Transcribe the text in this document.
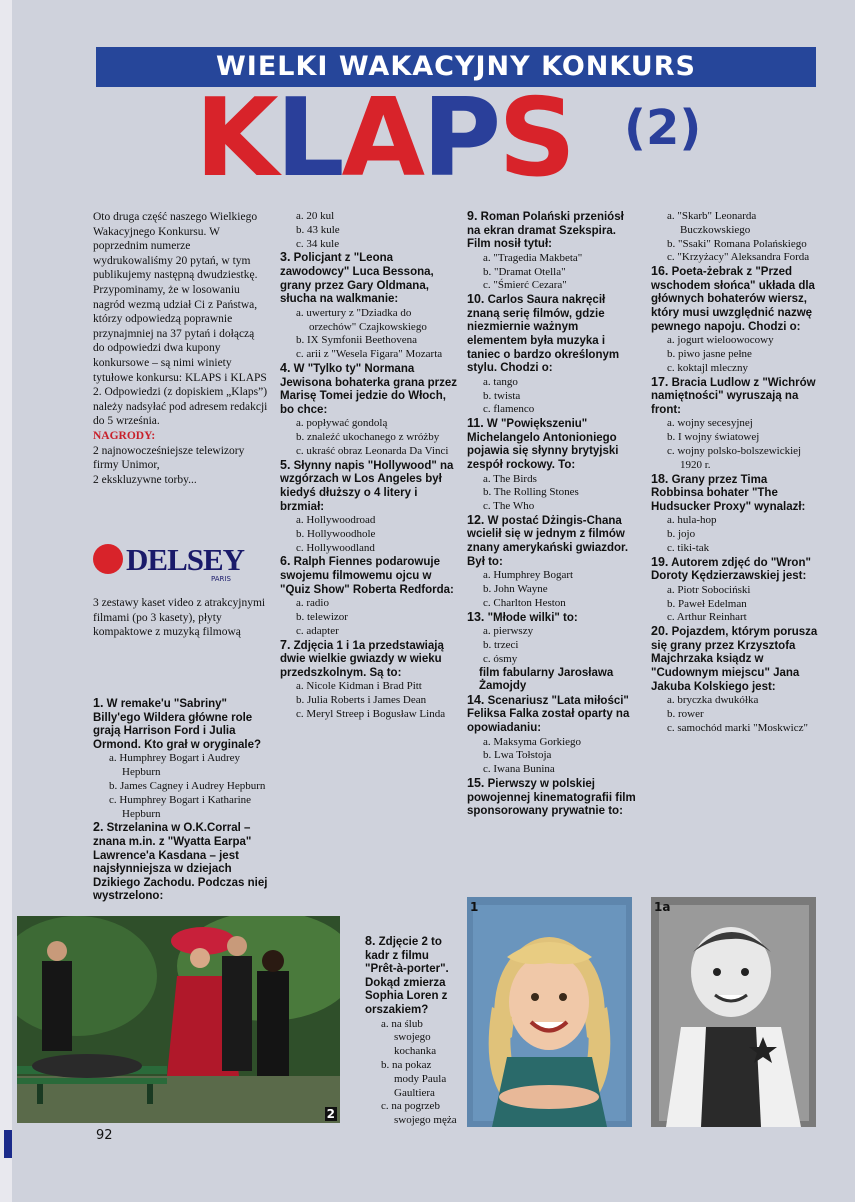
WIELKI WAKACYJNY KONKURS
KLAPS (2)

Oto druga część naszego Wielkiego Wakacyjnego Konkursu. W poprzednim numerze wydrukowaliśmy 20 pytań, w tym publikujemy następną dwudziestkę. Przypominamy, że w losowaniu nagród wezmą udział Ci z Państwa, którzy odpowiedzą poprawnie przynajmniej na 37 pytań i dołączą do odpowiedzi dwa kupony konkursowe – są nimi winiety tytułowe konkursu: KLAPS i KLAPS 2. Odpowiedzi (z dopiskiem „Klaps”) należy nadsyłać pod adresem redakcji do 5 września.

NAGRODY:

2 najnowocześniejsze telewizory firmy Unimor,

2 ekskluzywne torby...

DELSEY
PARIS

3 zestawy kaset video z atrakcyjnymi filmami (po 3 kasety), płyty kompaktowe z muzyką filmową

1. W remake'u "Sabriny" Billy'ego Wildera główne role grają Harrison Ford i Julia Ormond. Kto grał w oryginale?
a. Humphrey Bogart i Audrey Hepburn
b. James Cagney i Audrey Hepburn
c. Humphrey Bogart i Katharine Hepburn
2. Strzelanina w O.K.Corral – znana m.in. z "Wyatta Earpa" Lawrence'a Kasdana – jest najsłynniejsza w dziejach Dzikiego Zachodu. Podczas niej wystrzelono:
a. 20 kul
b. 43 kule
c. 34 kule
3. Policjant z "Leona zawodowcy" Luca Bessona, grany przez Gary Oldmana, słucha na walkmanie:
a. uwertury z "Dziadka do orzechów" Czajkowskiego
b. IX Symfonii Beethovena
c. arii z "Wesela Figara" Mozarta
4. W "Tylko ty" Normana Jewisona bohaterka grana przez Marisę Tomei jedzie do Włoch, bo chce:
a. popływać gondolą
b. znaleźć ukochanego z wróżby
c. ukraść obraz Leonarda Da Vinci
5. Słynny napis "Hollywood" na wzgórzach w Los Angeles był kiedyś dłuższy o 4 litery i brzmiał:
a. Hollywoodroad
b. Hollywoodhole
c. Hollywoodland
6. Ralph Fiennes podarowuje swojemu filmowemu ojcu w "Quiz Show" Roberta Redforda:
a. radio
b. telewizor
c. adapter
7. Zdjęcia 1 i 1a przedstawiają dwie wielkie gwiazdy w wieku przedszkolnym. Są to:
a. Nicole Kidman i Brad Pitt
b. Julia Roberts i James Dean
c. Meryl Streep i Bogusław Linda
8. Zdjęcie 2 to kadr z filmu "Prêt-à-porter". Dokąd zmierza Sophia Loren z orszakiem?
a. na ślub swojego kochanka
b. na pokaz mody Paula Gaultiera
c. na pogrzeb swojego męża
9. Roman Polański przeniósł na ekran dramat Szekspira. Film nosił tytuł:
a. "Tragedia Makbeta"
b. "Dramat Otella"
c. "Śmierć Cezara"
10. Carlos Saura nakręcił znaną serię filmów, gdzie niezmiernie ważnym elementem była muzyka i taniec o bardzo określonym stylu. Chodzi o:
a. tango
b. twista
c. flamenco
11. W "Powiększeniu" Michelangelo Antonioniego pojawia się słynny brytyjski zespół rockowy. To:
a. The Birds
b. The Rolling Stones
c. The Who
12. W postać Dżingis-Chana wcielił się w jednym z filmów znany amerykański gwiazdor. Był to:
a. Humphrey Bogart
b. John Wayne
c. Charlton Heston
13. "Młode wilki" to:
a. pierwszy
b. trzeci
c. ósmy
film fabularny Jarosława Żamojdy
14. Scenariusz "Lata miłości" Feliksa Falka został oparty na opowiadaniu:
a. Maksyma Gorkiego
b. Lwa Tołstoja
c. Iwana Bunina
15. Pierwszy w polskiej powojennej kinematografii film sponsorowany prywatnie to:
a. "Skarb" Leonarda Buczkowskiego
b. "Ssaki" Romana Polańskiego
c. "Krzyżacy" Aleksandra Forda
16. Poeta-żebrak z "Przed wschodem słońca" układa dla głównych bohaterów wiersz, który musi uwzględnić nazwę pewnego napoju. Chodzi o:
a. jogurt wieloowocowy
b. piwo jasne pełne
c. koktajl mleczny
17. Bracia Ludlow z "Wichrów namiętności" wyruszają na front:
a. wojny secesyjnej
b. I wojny światowej
c. wojny polsko-bolszewickiej 1920 r.
18. Grany przez Tima Robbinsa bohater "The Hudsucker Proxy" wynalazł:
a. hula-hop
b. jojo
c. tiki-tak
19. Autorem zdjęć do "Wron" Doroty Kędzierzawskiej jest:
a. Piotr Sobociński
b. Paweł Edelman
c. Arthur Reinhart
20. Pojazdem, którym porusza się grany przez Krzysztofa Majchrzaka ksiądz w "Cudownym miejscu" Jana Jakuba Kolskiego jest:
a. bryczka dwukółka
b. rower
c. samochód marki "Moskwicz"
2
1	1a
92
